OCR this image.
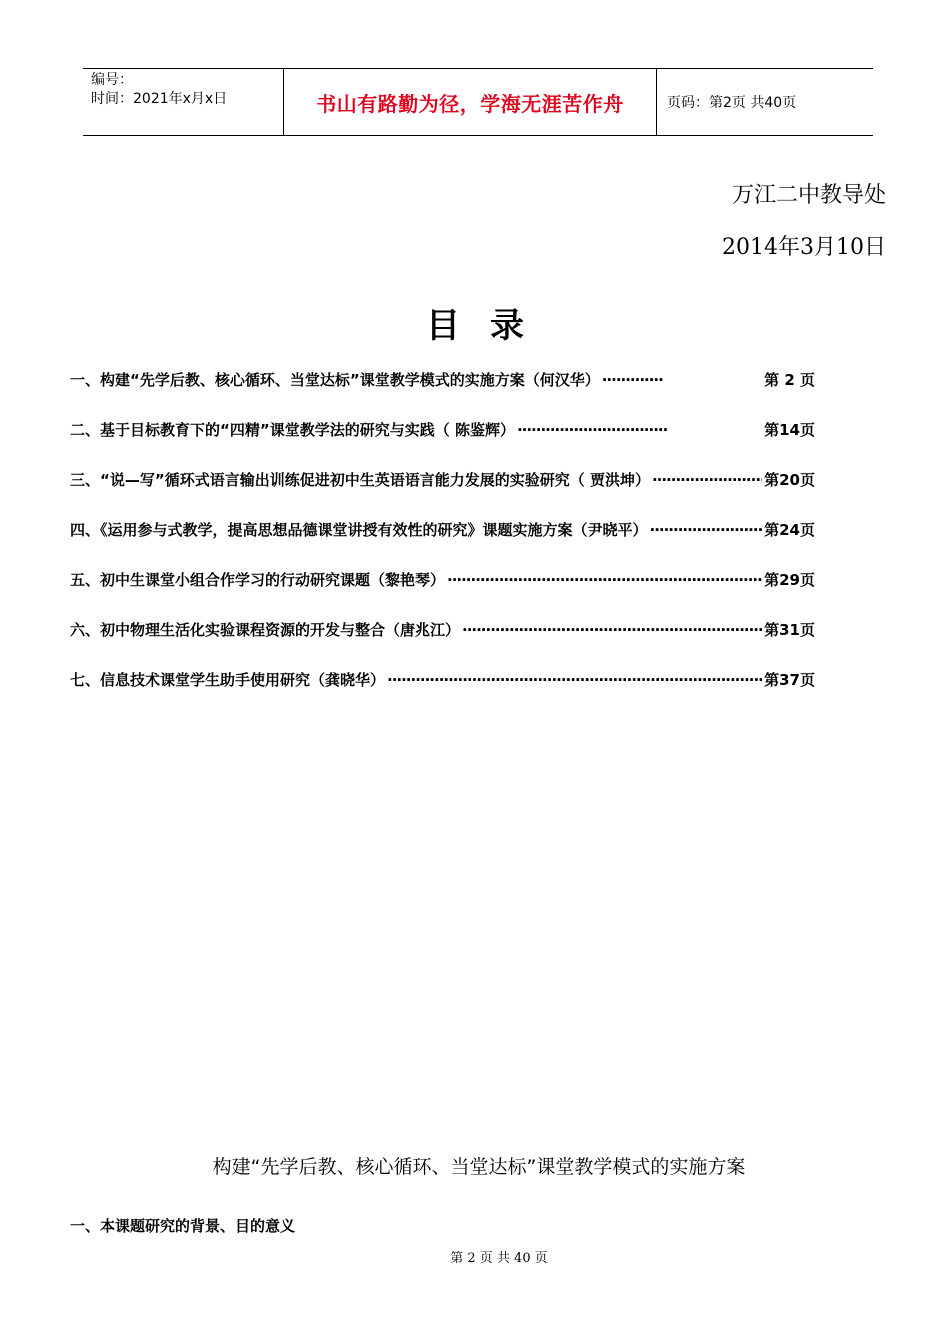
编号：
时间：2021年x月x日	书山有路勤为径，学海无涯苦作舟	页码：第2页 共40页
万江二中教导处
2014年3月10日
目录
一、构建“先学后教、核心循环、当堂达标”课堂教学模式的实施方案（何汉华） ·····	第 2 页
二、基于目标教育下的“四精”课堂教学法的研究与实践（ 陈鉴辉） ·····	第14页
三、“说—写”循环式语言输出训练促进初中生英语语言能力发展的实验研究（ 贾洪坤） ·····	第20页
四、《运用参与式教学，提高思想品德课堂讲授有效性的研究》课题实施方案（尹晓平） ·····	第24页
五、初中生课堂小组合作学习的行动研究课题（黎艳琴） ·····	第29页
六、初中物理生活化实验课程资源的开发与整合（唐兆江） ·····	第31页
七、信息技术课堂学生助手使用研究（龚晓华） ·····	第37页
构建“先学后教、核心循环、当堂达标”课堂教学模式的实施方案
一、本课题研究的背景、目的意义
第 2 页 共 40 页
